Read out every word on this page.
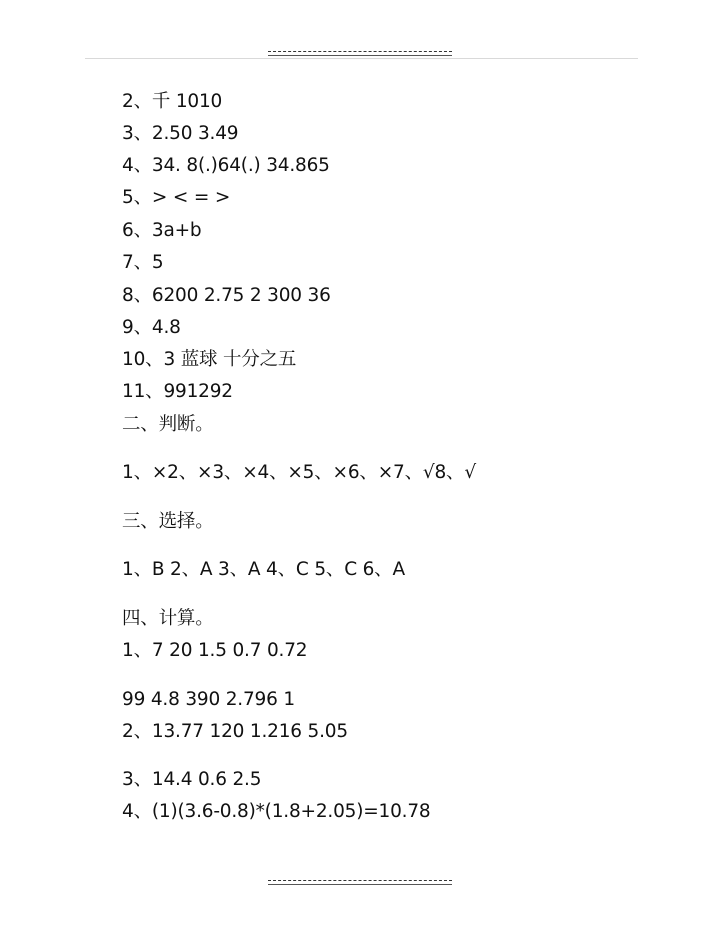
2、千 1010
3、2.50 3.49
4、34. 8(.)64(.) 34.865
5、> < = >
6、3a+b
7、5
8、6200 2.75 2 300 36
9、4.8
10、3 蓝球 十分之五
11、991292
二、判断。
1、×2、×3、×4、×5、×6、×7、√8、√
三、选择。
1、B 2、A 3、A 4、C 5、C 6、A
四、计算。
1、7 20 1.5 0.7 0.72
99 4.8 390 2.796 1
2、13.77 120 1.216 5.05
3、14.4 0.6 2.5
4、(1)(3.6-0.8)*(1.8+2.05)=10.78
